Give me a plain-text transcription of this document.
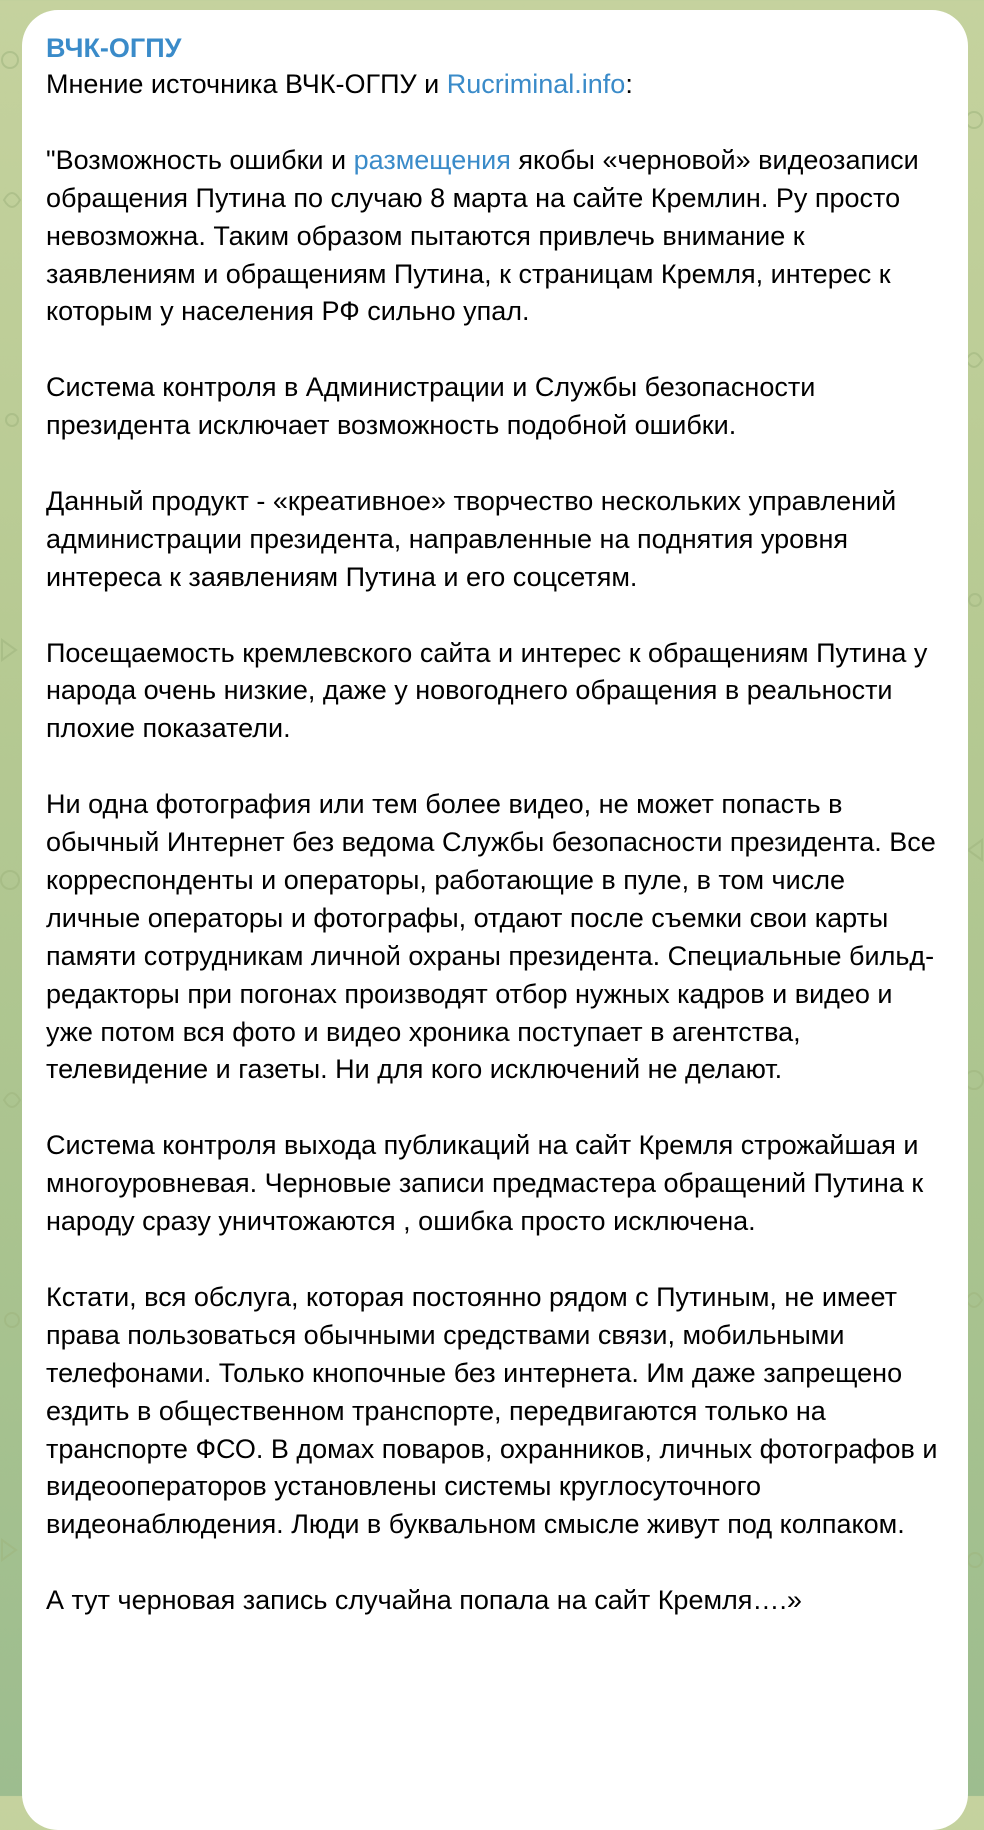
ВЧК-ОГПУ

Мнение источника ВЧК-ОГПУ и Rucriminal.info:

"Возможность ошибки и размещения якобы «черновой» видеозаписи обращения Путина по случаю 8 марта на сайте Кремлин. Ру просто невозможна. Таким образом пытаются привлечь внимание к заявлениям и обращениям Путина, к страницам Кремля, интерес к которым у населения РФ сильно упал.

Система контроля в Администрации и Службы безопасности президента исключает возможность подобной ошибки.

Данный продукт - «креативное» творчество нескольких управлений администрации президента, направленные на поднятия уровня интереса к заявлениям Путина и его соцсетям.

Посещаемость кремлевского сайта и интерес к обращениям Путина у народа очень низкие, даже у новогоднего обращения в реальности плохие показатели.

Ни одна фотография или тем более видео, не может попасть в обычный Интернет без ведома Службы безопасности президента. Все корреспонденты и операторы, работающие в пуле, в том числе личные операторы и фотографы, отдают после съемки свои карты памяти сотрудникам личной охраны президента. Специальные бильд-редакторы при погонах производят отбор нужных кадров и видео и уже потом вся фото и видео хроника поступает в агентства, телевидение и газеты. Ни для кого исключений не делают.

Система контроля выхода публикаций на сайт Кремля строжайшая и многоуровневая. Черновые записи предмастера обращений Путина к народу сразу уничтожаются , ошибка просто исключена.

Кстати, вся обслуга, которая постоянно рядом с Путиным, не имеет права пользоваться обычными средствами связи, мобильными телефонами. Только кнопочные без интернета. Им даже запрещено ездить в общественном транспорте, передвигаются только на транспорте ФСО. В домах поваров, охранников, личных фотографов и видеооператоров установлены системы круглосуточного видеонаблюдения. Люди в буквальном смысле живут под колпаком.

А тут черновая запись случайна попала на сайт Кремля….»
